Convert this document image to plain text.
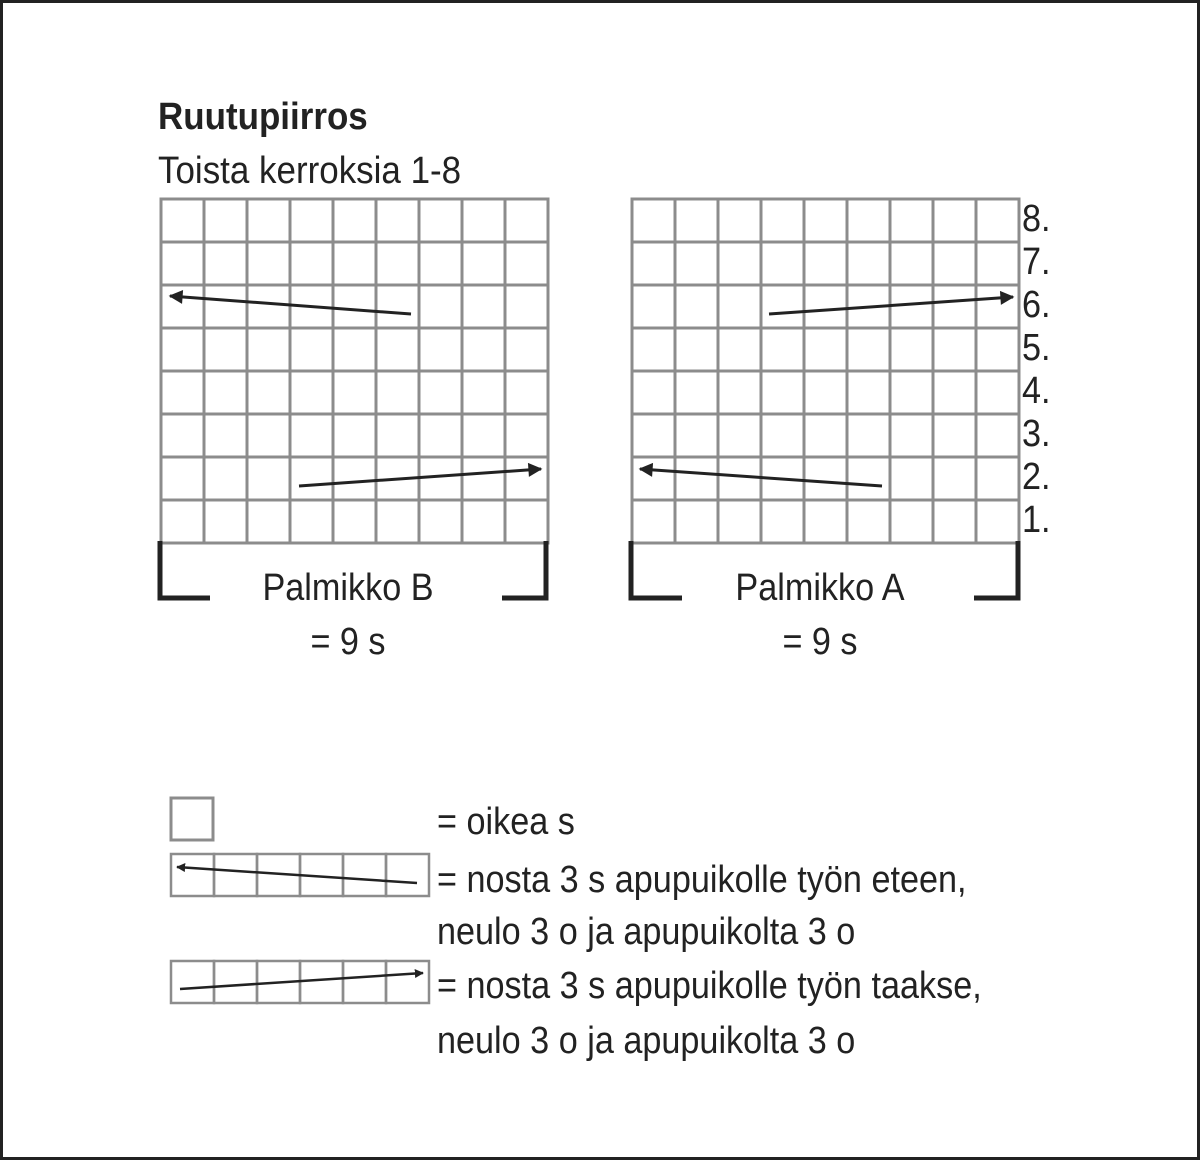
Ruutupiirros

Toista kerroksia 1-8

Palmikko B

= 9 s

Palmikko A

= 9 s

8.

7.

6.

5.

4.

3.

2.

1.

= oikea s

= nosta 3 s apupuikolle työn eteen,

neulo 3 o ja apupuikolta 3 o

= nosta 3 s apupuikolle työn taakse,

neulo 3 o ja apupuikolta 3 o
